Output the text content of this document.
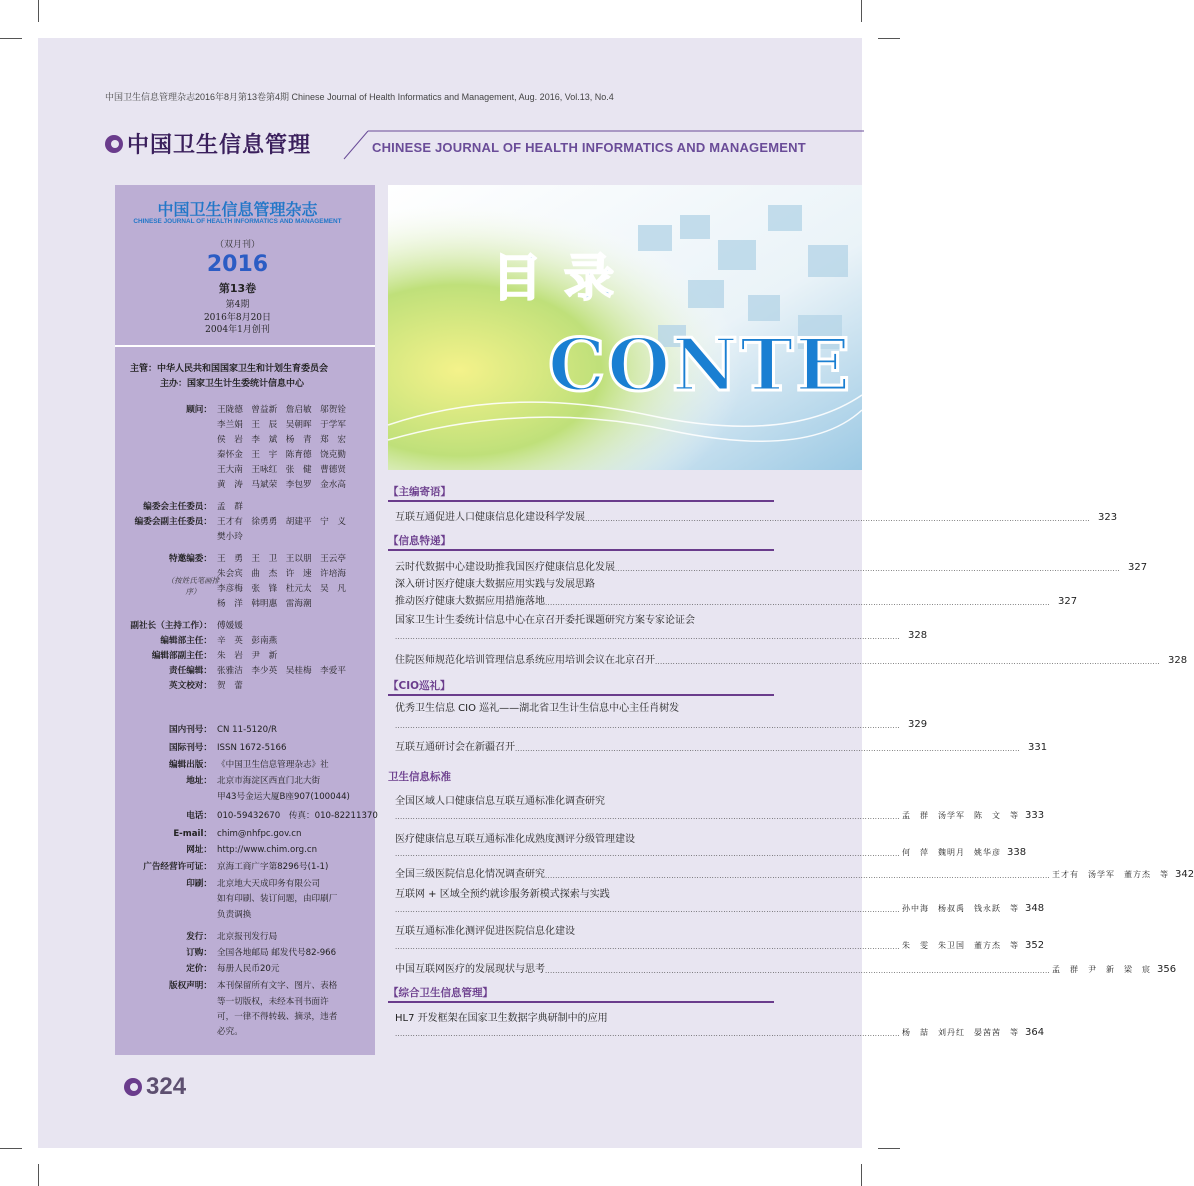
中国卫生信息管理杂志2016年8月第13卷第4期 Chinese Journal of Health Informatics and Management, Aug. 2016, Vol.13, No.4
中国卫生信息管理	CHINESE JOURNAL OF HEALTH INFORMATICS AND MANAGEMENT
中国卫生信息管理杂志
CHINESE JOURNAL OF HEALTH INFORMATICS AND MANAGEMENT
（双月刊）
2016
第13卷
第4期
2016年8月20日
2004年1月创刊
主管：中华人民共和国国家卫生和计划生育委员会
主办：国家卫生计生委统计信息中心
顾问： 王陇德　曾益新　詹启敏　邬贺铨
李兰娟　王　辰　吴朝晖　于学军
侯　岩　李　斌　杨　青　郑　宏
秦怀金　王　宇　陈育德　饶克勤
王大南　王咏红　张　健　曹德贤
黄　涛　马斌荣　李包罗　金水高
编委会主任委员： 孟　群
编委会副主任委员： 王才有　徐勇勇　胡建平　宁　义
樊小玲
特邀编委： 王　勇　王　卫　王以朋　王云亭
朱会宾　曲　杰　许　速　许培海
李彦梅　张　锋　杜元太　吴　凡
杨　洋　韩明惠　雷海潮
副社长（主持工作）： 傅媛媛
编辑部主任： 辛　英　彭南燕
编辑部副主任： 朱　岩　尹　新
责任编辑： 张雅洁　李少英　吴桂梅　李爱平
英文校对： 贺　蕾
（按姓氏笔画排序）
国内刊号： CN 11-5120/R
国际刊号： ISSN 1672-5166
编辑出版： 《中国卫生信息管理杂志》社
地址： 北京市海淀区西直门北大街
甲43号金运大厦B座907(100044)
电话： 010-59432670　传真：010-82211370
E-mail： chim@nhfpc.gov.cn
网址： http://www.chim.org.cn
广告经营许可证： 京海工商广字第8296号(1-1)
印刷： 北京地大天成印务有限公司
如有印刷、装订问题，由印刷厂
负责调换
发行： 北京报刊发行局
订购： 全国各地邮局 邮发代号82-966
定价： 每册人民币20元
版权声明： 本刊保留所有文字、图片、表格
等一切版权，未经本刊书面许
可，一律不得转载、摘录，违者
必究。
目录
CONTE
【主编寄语】
【信息特递】
【CIO巡礼】
卫生信息标准
【综合卫生信息管理】
互联互通促进人口健康信息化建设科学发展 ........................................................................................................................................................................................................ 323
云时代数据中心建设助推我国医疗健康信息化发展 ........................................................................................................................................................................................................ 327
深入研讨医疗健康大数据应用实践与发展思路
推动医疗健康大数据应用措施落地 ........................................................................................................................................................................................................ 327
国家卫生计生委统计信息中心在京召开委托课题研究方案专家论证会
........................................................................................................................................................................................................ 328
住院医师规范化培训管理信息系统应用培训会议在北京召开 ........................................................................................................................................................................................................ 328
优秀卫生信息 CIO 巡礼——湖北省卫生计生信息中心主任肖树发
........................................................................................................................................................................................................ 329
互联互通研讨会在新疆召开 ........................................................................................................................................................................................................ 331
全国区域人口健康信息互联互通标准化调查研究
........................................................................................................................................................................................................ 孟　群　汤学军　陈　文　等 333
医疗健康信息互联互通标准化成熟度测评分级管理建设
........................................................................................................................................................................................................ 何　萍　魏明月　姚华彦 338
全国三级医院信息化情况调查研究 ........................................................................................................................................................................................................ 王才有　汤学军　董方杰　等 342
互联网 + 区域全预约就诊服务新模式探索与实践
........................................................................................................................................................................................................ 孙中海　杨叔禹　钱永跃　等 348
互联互通标准化测评促进医院信息化建设
........................................................................................................................................................................................................ 朱　雯　朱卫国　董方杰　等 352
中国互联网医疗的发展现状与思考 ........................................................................................................................................................................................................ 孟　群　尹　新　梁　宸 356
HL7 开发框架在国家卫生数据字典研制中的应用
........................................................................................................................................................................................................ 杨　喆　刘丹红　晏茜茜　等 364
324
